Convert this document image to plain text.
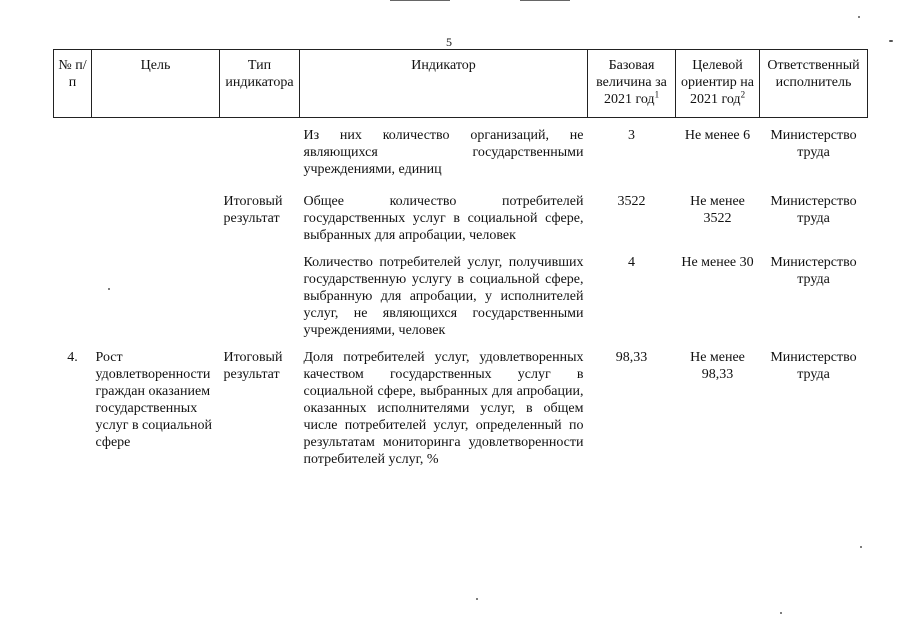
5
№ п/п	Цель	Тип индикатора	Индикатор	Базовая величина за 2021 год$^1$	Целевой ориентир на 2021 год$^2$	Ответственный исполнитель
			Из них количество организаций, не являющихся государственными учреждениями, единиц	3	Не менее 6	Министерство труда
		Итоговый результат	Общее количество потребителей государственных услуг в социальной сфере, выбранных для апробации, человек	3522	Не менее 3522	Министерство труда
			Количество потребителей услуг, получивших государственную услугу в социальной сфере, выбранную для апробации, у исполнителей услуг, не являющихся государственными учреждениями, человек	4	Не менее 30	Министерство труда
4.	Рост удовлетворенности граждан оказанием государственных услуг в социальной сфере	Итоговый результат	Доля потребителей услуг, удовлетворенных качеством государственных услуг в социальной сфере, выбранных для апробации, оказанных исполнителями услуг, в общем числе потребителей услуг, определенный по результатам мониторинга удовлетворенности потребителей услуг, %	98,33	Не менее 98,33	Министерство труда
